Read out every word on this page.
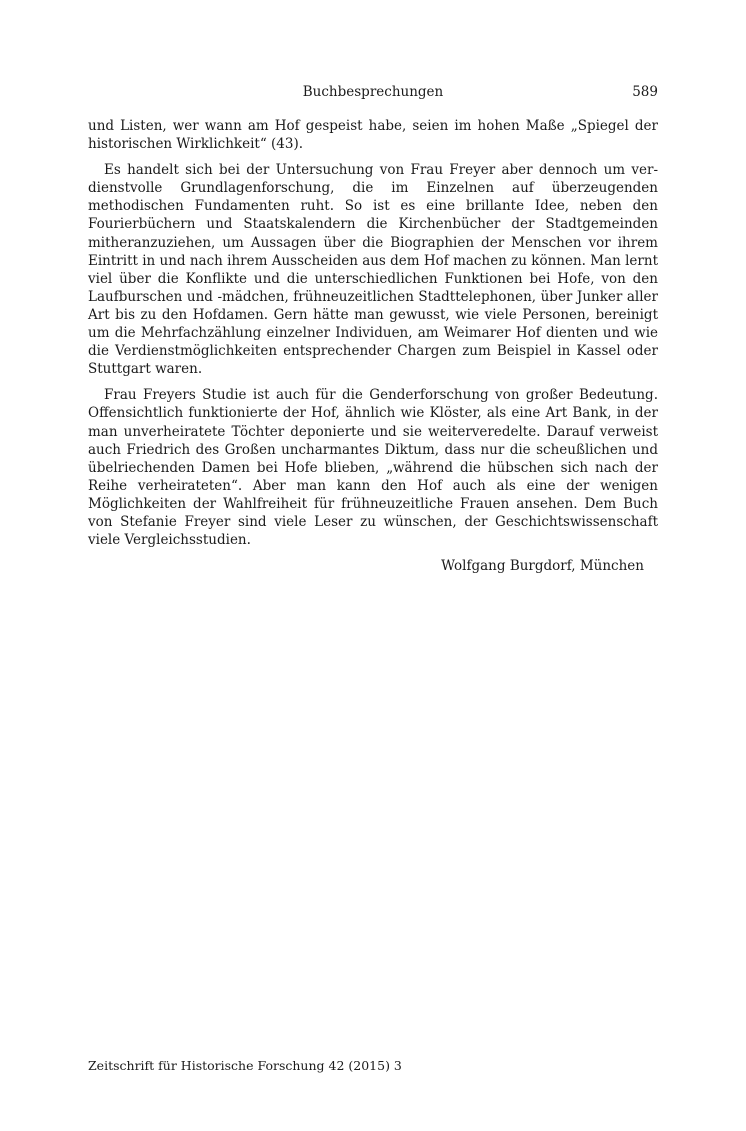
Buchbesprechungen	589

und Listen, wer wann am Hof gespeist habe, seien im hohen Maße „Spiegel der historischen Wirklichkeit“ (43).

Es handelt sich bei der Untersuchung von Frau Freyer aber dennoch um verdienstvolle Grundlagenforschung, die im Einzelnen auf überzeugenden methodischen Fundamenten ruht. So ist es eine brillante Idee, neben den Fourierbüchern und Staatskalendern die Kirchenbücher der Stadtgemeinden mitheranzuziehen, um Aussagen über die Biographien der Menschen vor ihrem Eintritt in und nach ihrem Ausscheiden aus dem Hof machen zu können. Man lernt viel über die Konflikte und die unterschiedlichen Funktionen bei Hofe, von den Laufburschen und -mädchen, frühneuzeitlichen Stadttelephonen, über Junker aller Art bis zu den Hofdamen. Gern hätte man gewusst, wie viele Personen, bereinigt um die Mehrfachzählung einzelner Individuen, am Weimarer Hof dienten und wie die Verdienstmöglichkeiten entsprechender Chargen zum Beispiel in Kassel oder Stuttgart waren.

Frau Freyers Studie ist auch für die Genderforschung von großer Bedeutung. Offensichtlich funktionierte der Hof, ähnlich wie Klöster, als eine Art Bank, in der man unverheiratete Töchter deponierte und sie weiterveredelte. Darauf verweist auch Friedrich des Großen uncharmantes Diktum, dass nur die scheußlichen und übelriechenden Damen bei Hofe blieben, „während die hübschen sich nach der Reihe verheirateten“. Aber man kann den Hof auch als eine der wenigen Möglichkeiten der Wahlfreiheit für frühneuzeitliche Frauen ansehen. Dem Buch von Stefanie Freyer sind viele Leser zu wünschen, der Geschichtswissenschaft viele Vergleichsstudien.

Wolfgang Burgdorf, München
Zeitschrift für Historische Forschung 42 (2015) 3
